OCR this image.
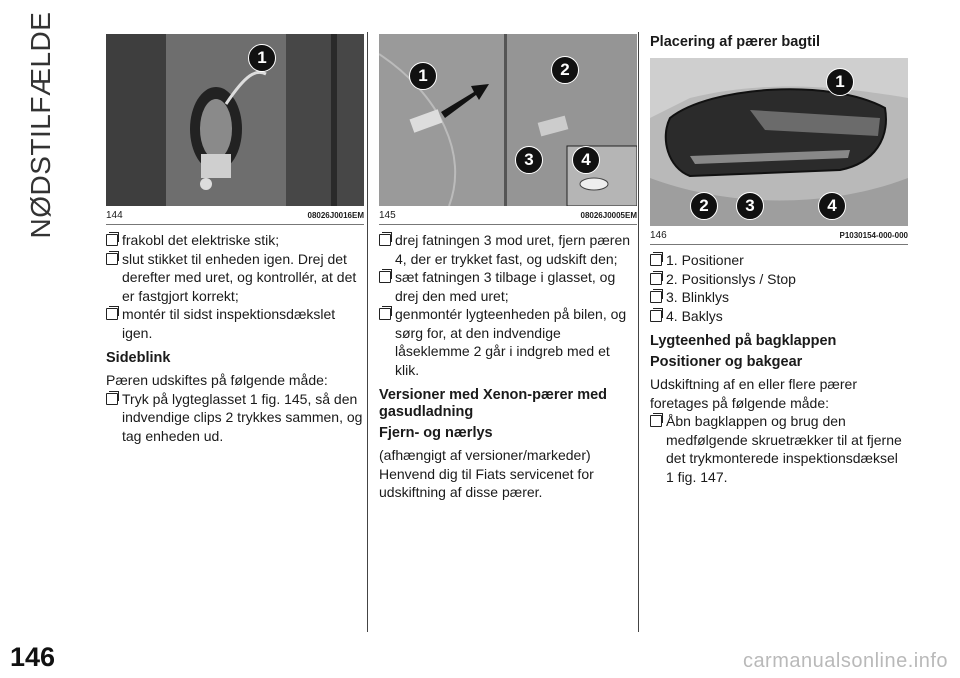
NØDSTILFÆLDE	1
144	08026J0016EM

frakobl det elektriske stik;

slut stikket til enheden igen. Drej det derefter med uret, og kontrollér, at det er fastgjort korrekt;

montér til sidst inspektionsdækslet igen.

Sideblink

Pæren udskiftes på følgende måde:

Tryk på lygteglasset 1 fig. 145, så den indvendige clips 2 trykkes sammen, og tag enheden ud.

1	2
3	4
145	08026J0005EM

drej fatningen 3 mod uret, fjern pæren 4, der er trykket fast, og udskift den;

sæt fatningen 3 tilbage i glasset, og drej den med uret;

genmontér lygteenheden på bilen, og sørg for, at den indvendige låseklemme 2 går i indgreb med et klik.

Versioner med Xenon-pærer med gasudladning
Fjern- og nærlys

(afhængigt af versioner/markeder)

Henvend dig til Fiats servicenet for udskiftning af disse pærer.

Placering af pærer bagtil
1
2	3	4
146	P1030154-000-000

1. Positioner

2. Positionslys / Stop

3. Blinklys

4. Baklys

Lygteenhed på bagklappen
Positioner og bakgear

Udskiftning af en eller flere pærer foretages på følgende måde:

Åbn bagklappen og brug den medfølgende skruetrækker til at fjerne det trykmonterede inspektionsdæksel 1 fig. 147.

146	carmanualsonline.info
